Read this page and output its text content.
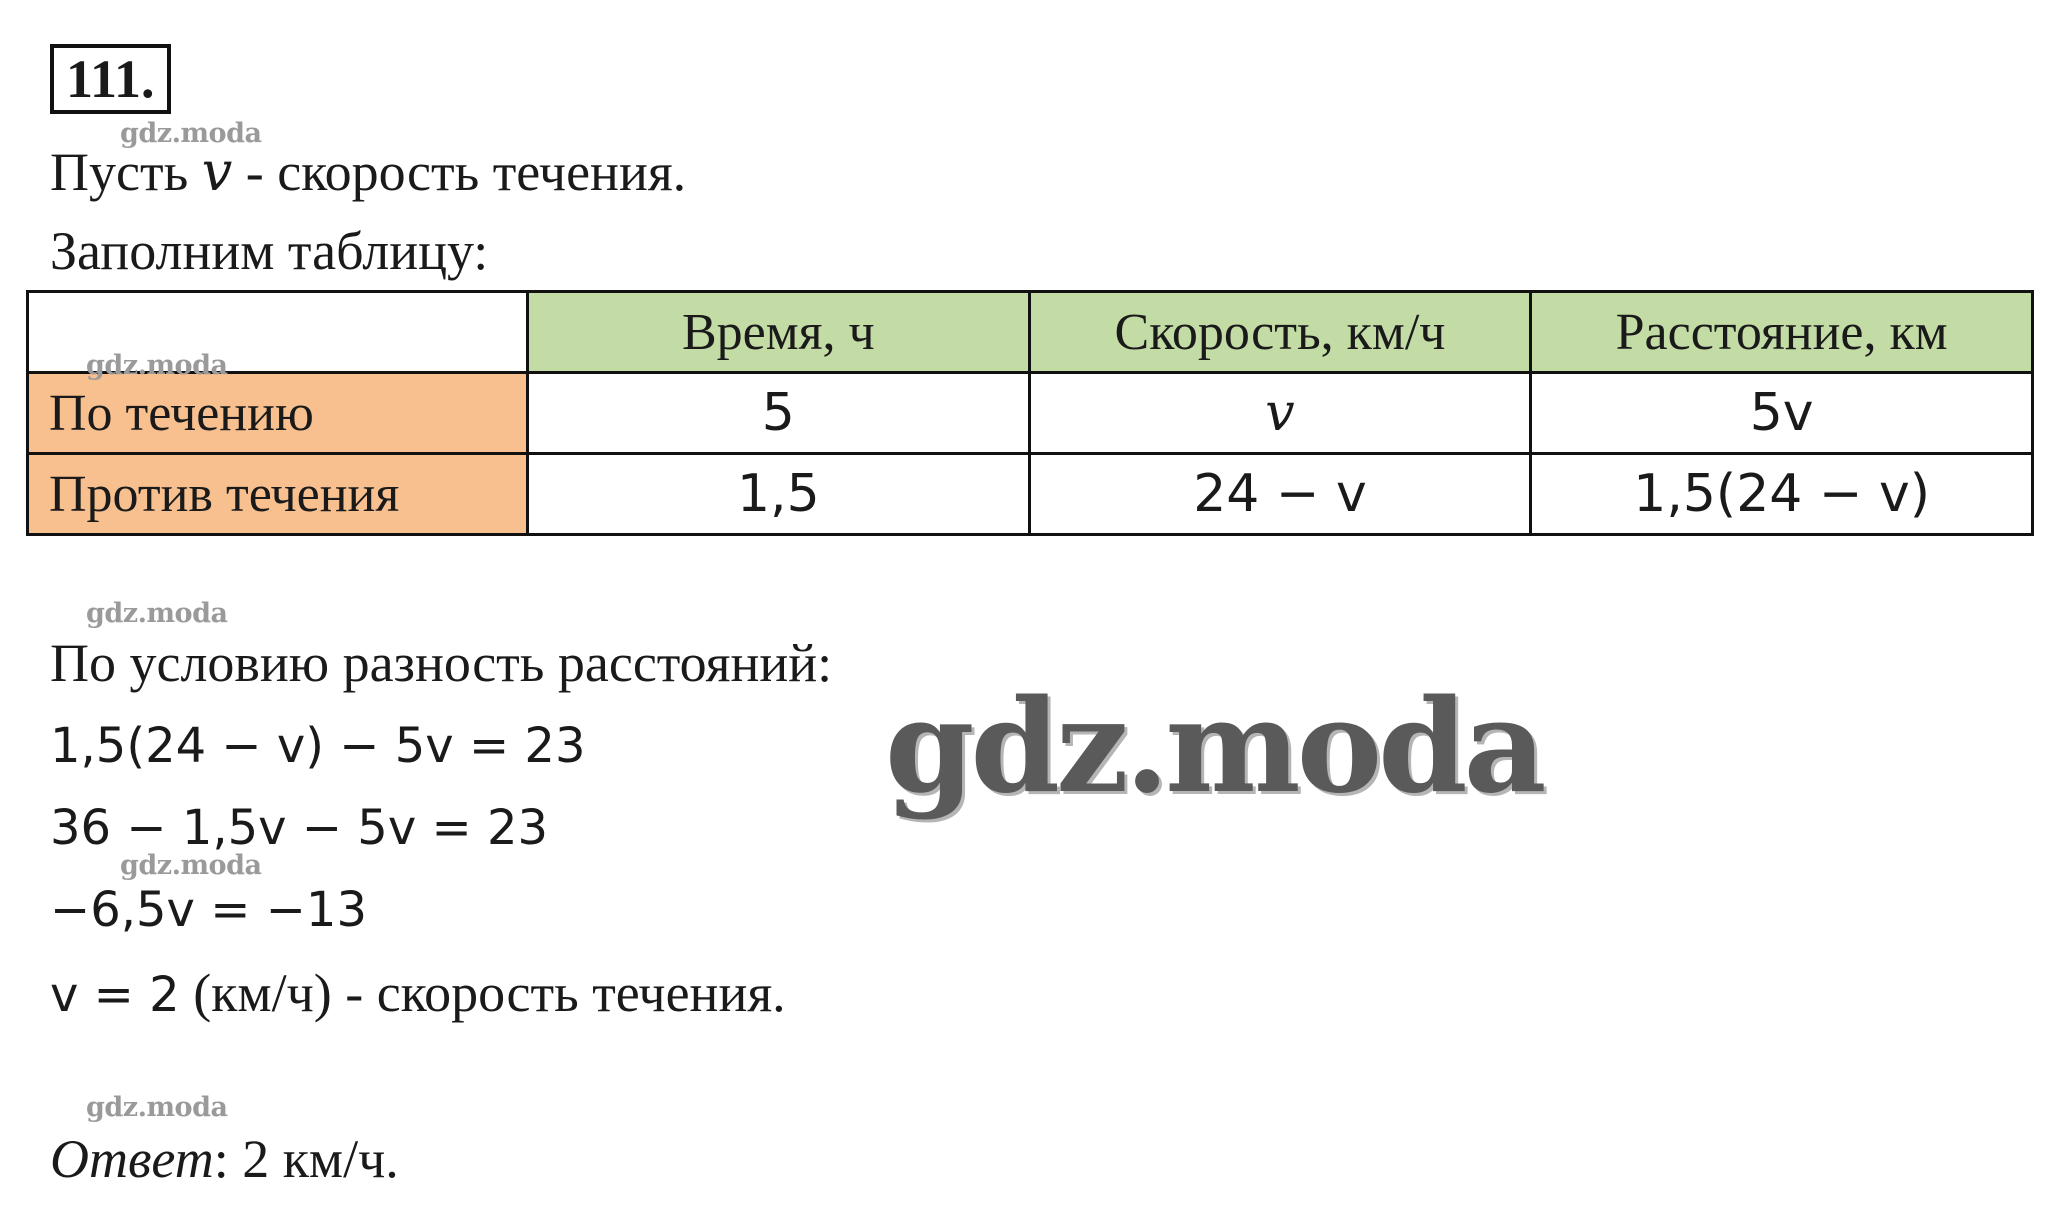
111.
gdz.moda
Пусть v - скорость течения.
Заполним таблицу:
	Время, ч	Скорость, км/ч	Расстояние, км
По течению	5	v	5v
Против течения	1,5	24 − v	1,5(24 − v)
gdz.moda
gdz.moda
По условию разность расстояний:
1,5(24 − v) − 5v = 23
36 − 1,5v − 5v = 23
gdz.moda
−6,5v = −13
v = 2 (км/ч) - скорость течения.
gdz.moda
Ответ: 2 км/ч.
gdz.moda
